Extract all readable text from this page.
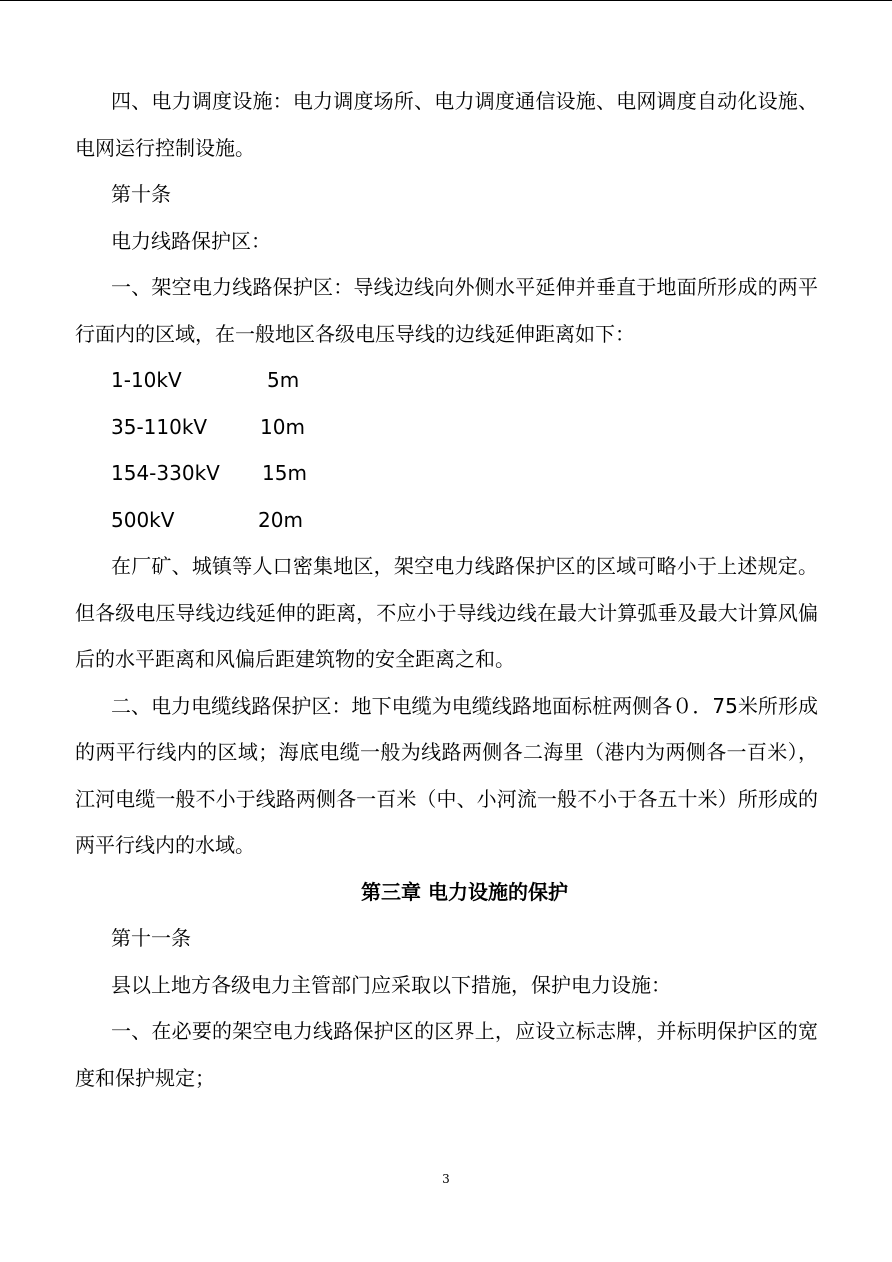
四、电力调度设施：电力调度场所、电力调度通信设施、电网调度自动化设施、电网运行控制设施。

第十条

电力线路保护区：

一、架空电力线路保护区：导线边线向外侧水平延伸并垂直于地面所形成的两平行面内的区域，在一般地区各级电压导线的边线延伸距离如下：

1-10kV	5m
35-110kV	10m
154-330kV 15m
500kV	20m

在厂矿、城镇等人口密集地区，架空电力线路保护区的区域可略小于上述规定。但各级电压导线边线延伸的距离，不应小于导线边线在最大计算弧垂及最大计算风偏后的水平距离和风偏后距建筑物的安全距离之和。

二、电力电缆线路保护区：地下电缆为电缆线路地面标桩两侧各０．75米所形成的两平行线内的区域；海底电缆一般为线路两侧各二海里（港内为两侧各一百米），江河电缆一般不小于线路两侧各一百米（中、小河流一般不小于各五十米）所形成的两平行线内的水域。

第三章 电力设施的保护

第十一条

县以上地方各级电力主管部门应采取以下措施，保护电力设施：

一、在必要的架空电力线路保护区的区界上，应设立标志牌，并标明保护区的宽度和保护规定；

3
